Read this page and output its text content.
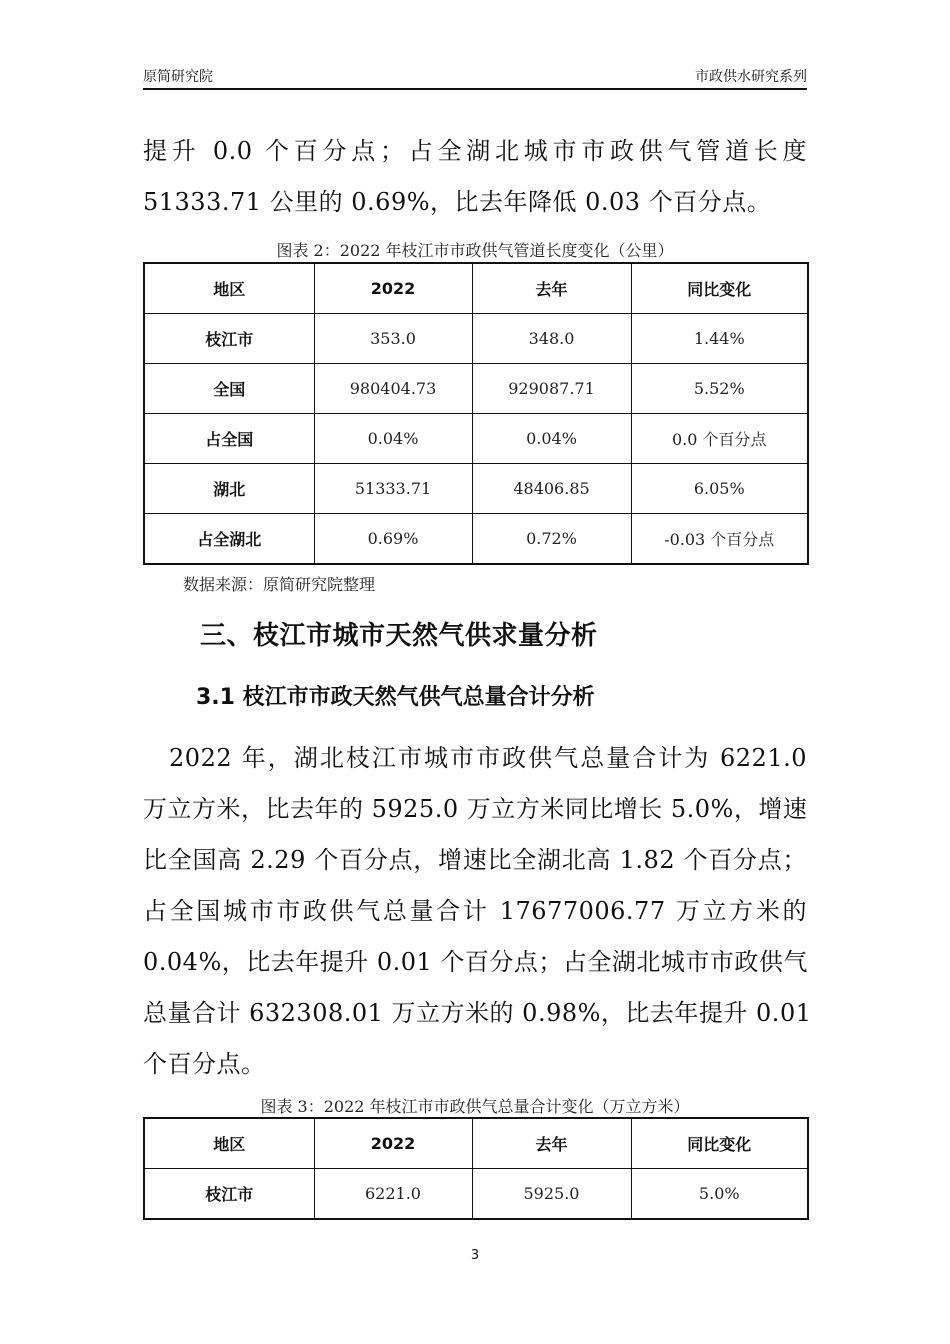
原简研究院	市政供水研究系列
提升 0.0 个百分点；占全湖北城市市政供气管道长度
51333.71 公里的 0.69%，比去年降低 0.03 个百分点。
图表 2：2022 年枝江市市政供气管道长度变化（公里）
地区	2022	去年	同比变化
枝江市	353.0	348.0	1.44%
全国	980404.73	929087.71	5.52%
占全国	0.04%	0.04%	0.0 个百分点
湖北	51333.71	48406.85	6.05%
占全湖北	0.69%	0.72%	-0.03 个百分点
数据来源：原简研究院整理
三、枝江市城市天然气供求量分析
3.1 枝江市市政天然气供气总量合计分析
　2022 年，湖北枝江市城市市政供气总量合计为 6221.0
万立方米，比去年的 5925.0 万立方米同比增长 5.0%，增速
比全国高 2.29 个百分点，增速比全湖北高 1.82 个百分点；
占全国城市市政供气总量合计 17677006.77 万立方米的
0.04%，比去年提升 0.01 个百分点；占全湖北城市市政供气
总量合计 632308.01 万立方米的 0.98%，比去年提升 0.01
个百分点。
图表 3：2022 年枝江市市政供气总量合计变化（万立方米）
地区	2022	去年	同比变化
枝江市	6221.0	5925.0	5.0%
3
